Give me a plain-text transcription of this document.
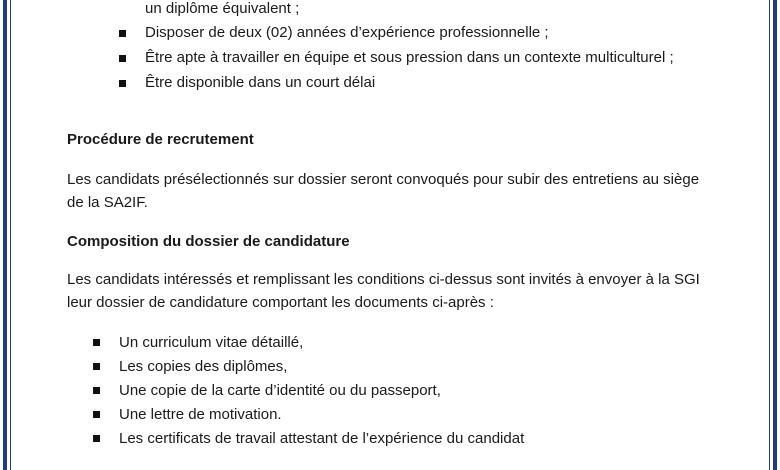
un diplôme équivalent ;
Disposer de deux (02) années d’expérience professionnelle ;
Être apte à travailler en équipe et sous pression dans un contexte multiculturel ;
Être disponible dans un court délai
Procédure de recrutement
Les candidats présélectionnés sur dossier seront convoqués pour subir des entretiens au siège
de la SA2IF.
Composition du dossier de candidature
Les candidats intéressés et remplissant les conditions ci-dessus sont invités à envoyer à la SGI
leur dossier de candidature comportant les documents ci-après :
Un curriculum vitae détaillé,
Les copies des diplômes,
Une copie de la carte d’identité ou du passeport,
Une lettre de motivation.
Les certificats de travail attestant de l’expérience du candidat
